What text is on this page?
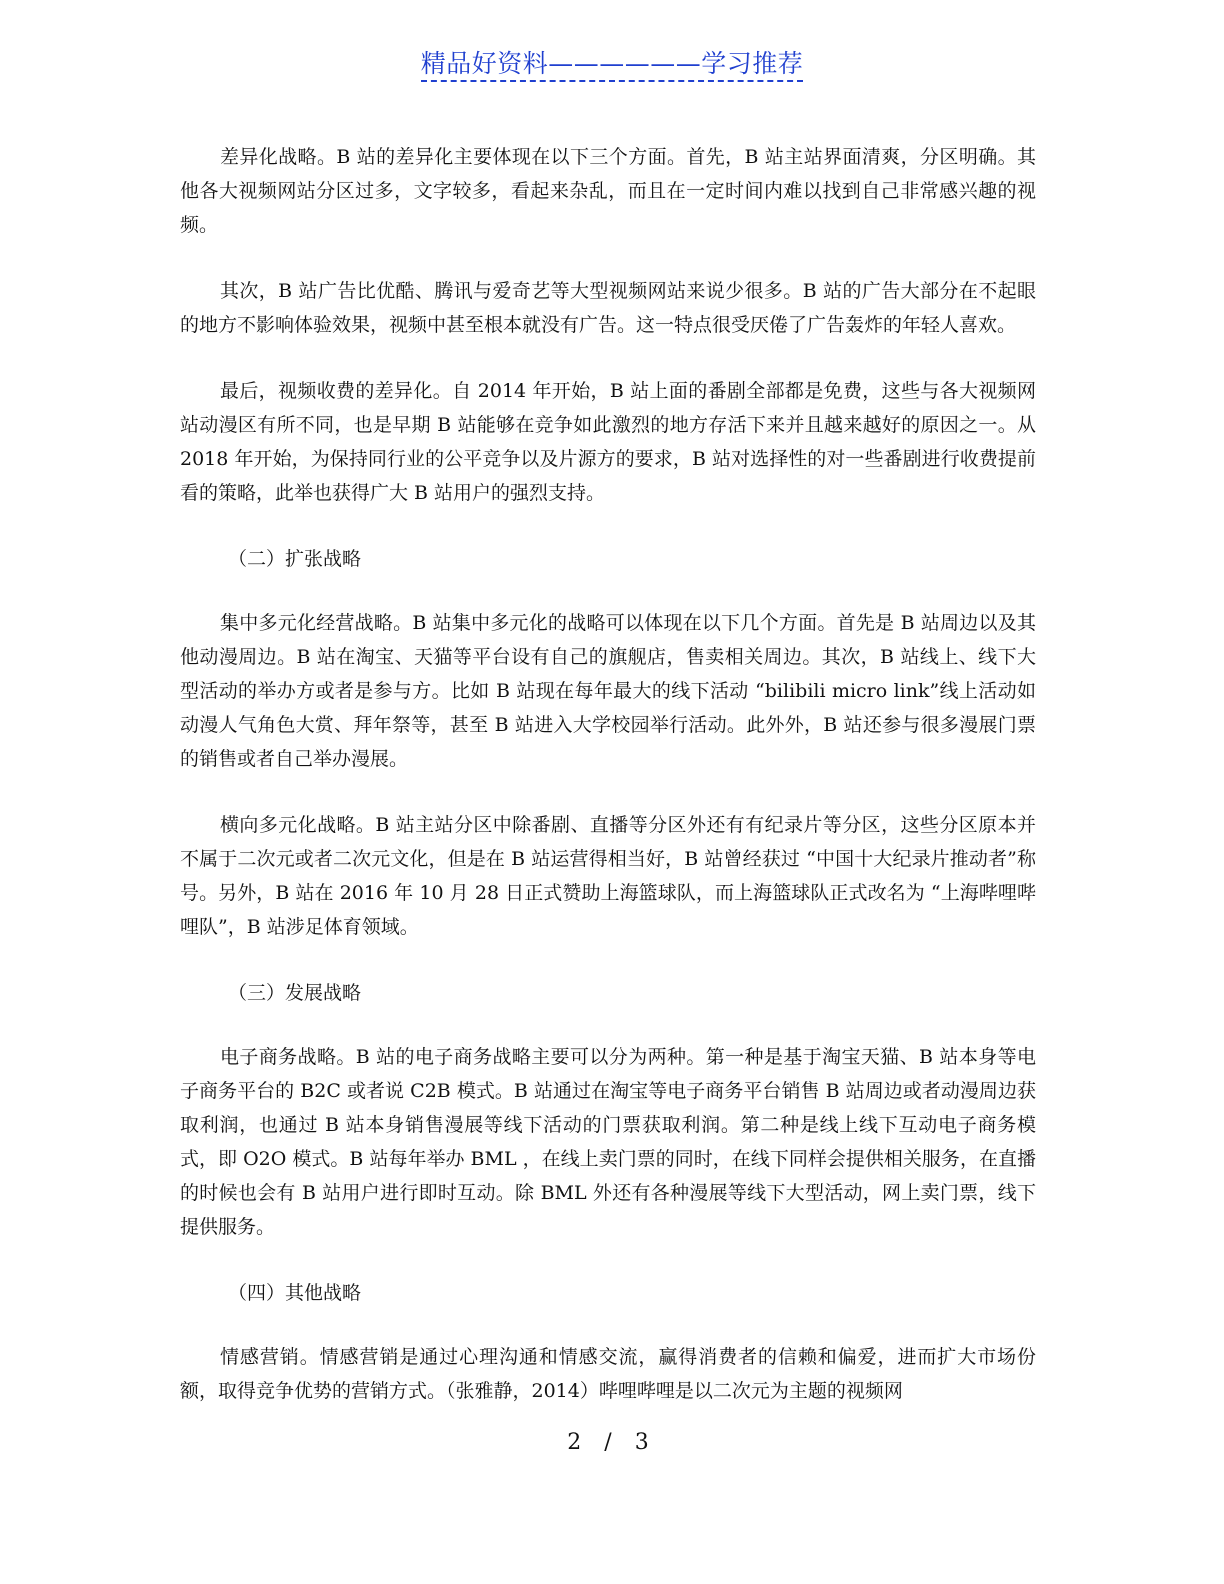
精品好资料——————学习推荐

差异化战略。B 站的差异化主要体现在以下三个方面。首先，B 站主站界面清爽，分区明确。其他各大视频网站分区过多，文字较多，看起来杂乱，而且在一定时间内难以找到自己非常感兴趣的视频。

其次，B 站广告比优酷、腾讯与爱奇艺等大型视频网站来说少很多。B 站的广告大部分在不起眼的地方不影响体验效果，视频中甚至根本就没有广告。这一特点很受厌倦了广告轰炸的年轻人喜欢。

最后，视频收费的差异化。自 2014 年开始，B 站上面的番剧全部都是免费，这些与各大视频网站动漫区有所不同，也是早期 B 站能够在竞争如此激烈的地方存活下来并且越来越好的原因之一。从 2018 年开始，为保持同行业的公平竞争以及片源方的要求，B 站对选择性的对一些番剧进行收费提前看的策略，此举也获得广大 B 站用户的强烈支持。

（二）扩张战略

集中多元化经营战略。B 站集中多元化的战略可以体现在以下几个方面。首先是 B 站周边以及其他动漫周边。B 站在淘宝、天猫等平台设有自己的旗舰店，售卖相关周边。其次，B 站线上、线下大型活动的举办方或者是参与方。比如 B 站现在每年最大的线下活动 “bilibili micro link”线上活动如动漫人气角色大赏、拜年祭等，甚至 B 站进入大学校园举行活动。此外外，B 站还参与很多漫展门票的销售或者自己举办漫展。

横向多元化战略。B 站主站分区中除番剧、直播等分区外还有有纪录片等分区，这些分区原本并不属于二次元或者二次元文化，但是在 B 站运营得相当好，B 站曾经获过 “中国十大纪录片推动者”称号。另外，B 站在 2016 年 10 月 28 日正式赞助上海篮球队，而上海篮球队正式改名为 “上海哔哩哔哩队”，B 站涉足体育领域。

（三）发展战略

电子商务战略。B 站的电子商务战略主要可以分为两种。第一种是基于淘宝天猫、B 站本身等电子商务平台的 B2C 或者说 C2B 模式。B 站通过在淘宝等电子商务平台销售 B 站周边或者动漫周边获取利润，也通过 B 站本身销售漫展等线下活动的门票获取利润。第二种是线上线下互动电子商务模式，即 O2O 模式。B 站每年举办 BML ，在线上卖门票的同时，在线下同样会提供相关服务，在直播的时候也会有 B 站用户进行即时互动。除 BML 外还有各种漫展等线下大型活动，网上卖门票，线下提供服务。

（四）其他战略

情感营销。情感营销是通过心理沟通和情感交流，赢得消费者的信赖和偏爱，进而扩大市场份额，取得竞争优势的营销方式。（张雅静，2014）哔哩哔哩是以二次元为主题的视频网

2 / 3
